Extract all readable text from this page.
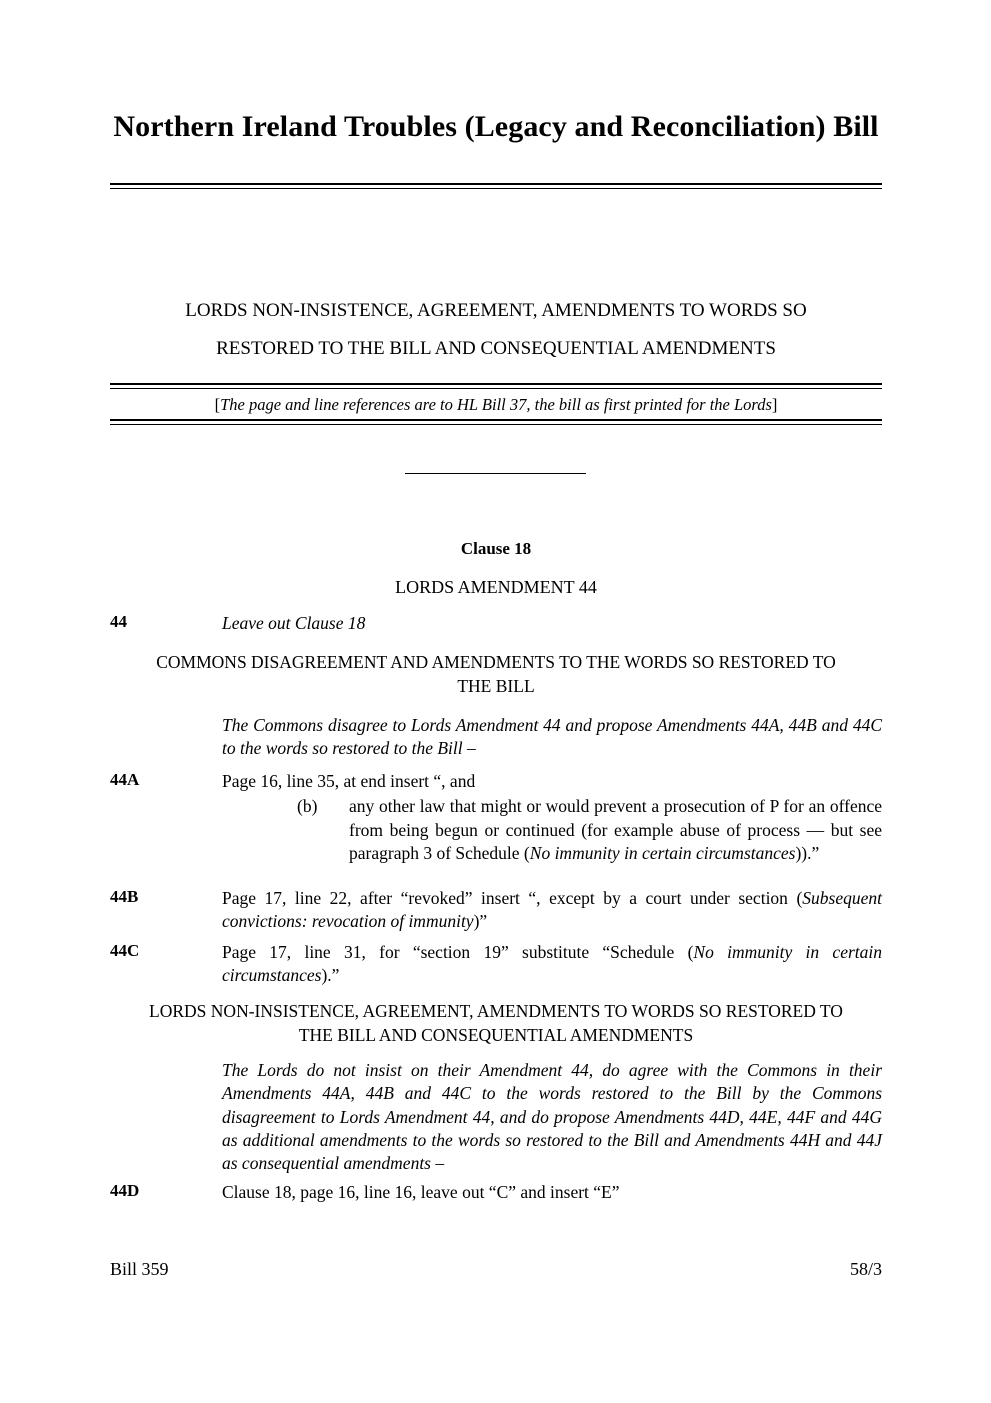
Northern Ireland Troubles (Legacy and Reconciliation) Bill
LORDS NON-INSISTENCE, AGREEMENT, AMENDMENTS TO WORDS SO
RESTORED TO THE BILL AND CONSEQUENTIAL AMENDMENTS
[The page and line references are to HL Bill 37, the bill as first printed for the Lords]
Clause 18
LORDS AMENDMENT 44
44	Leave out Clause 18
COMMONS DISAGREEMENT AND AMENDMENTS TO THE WORDS SO RESTORED TO
THE BILL
The Commons disagree to Lords Amendment 44 and propose Amendments 44A, 44B and 44C to the words so restored to the Bill –
44A	Page 16, line 35, at end insert “, and
(b)	any other law that might or would prevent a prosecution of P for an offence from being begun or continued (for example abuse of process — but see paragraph 3 of Schedule (No immunity in certain circumstances)).”
44B	Page 17, line 22, after “revoked” insert “, except by a court under section (Subsequent convictions: revocation of immunity)”
44C	Page 17, line 31, for “section 19” substitute “Schedule (No immunity in certain circumstances).”
LORDS NON-INSISTENCE, AGREEMENT, AMENDMENTS TO WORDS SO RESTORED TO
THE BILL AND CONSEQUENTIAL AMENDMENTS
The Lords do not insist on their Amendment 44, do agree with the Commons in their Amendments 44A, 44B and 44C to the words restored to the Bill by the Commons disagreement to Lords Amendment 44, and do propose Amendments 44D, 44E, 44F and 44G as additional amendments to the words so restored to the Bill and Amendments 44H and 44J as consequential amendments –
44D	Clause 18, page 16, line 16, leave out “C” and insert “E”
Bill 359	58/3
